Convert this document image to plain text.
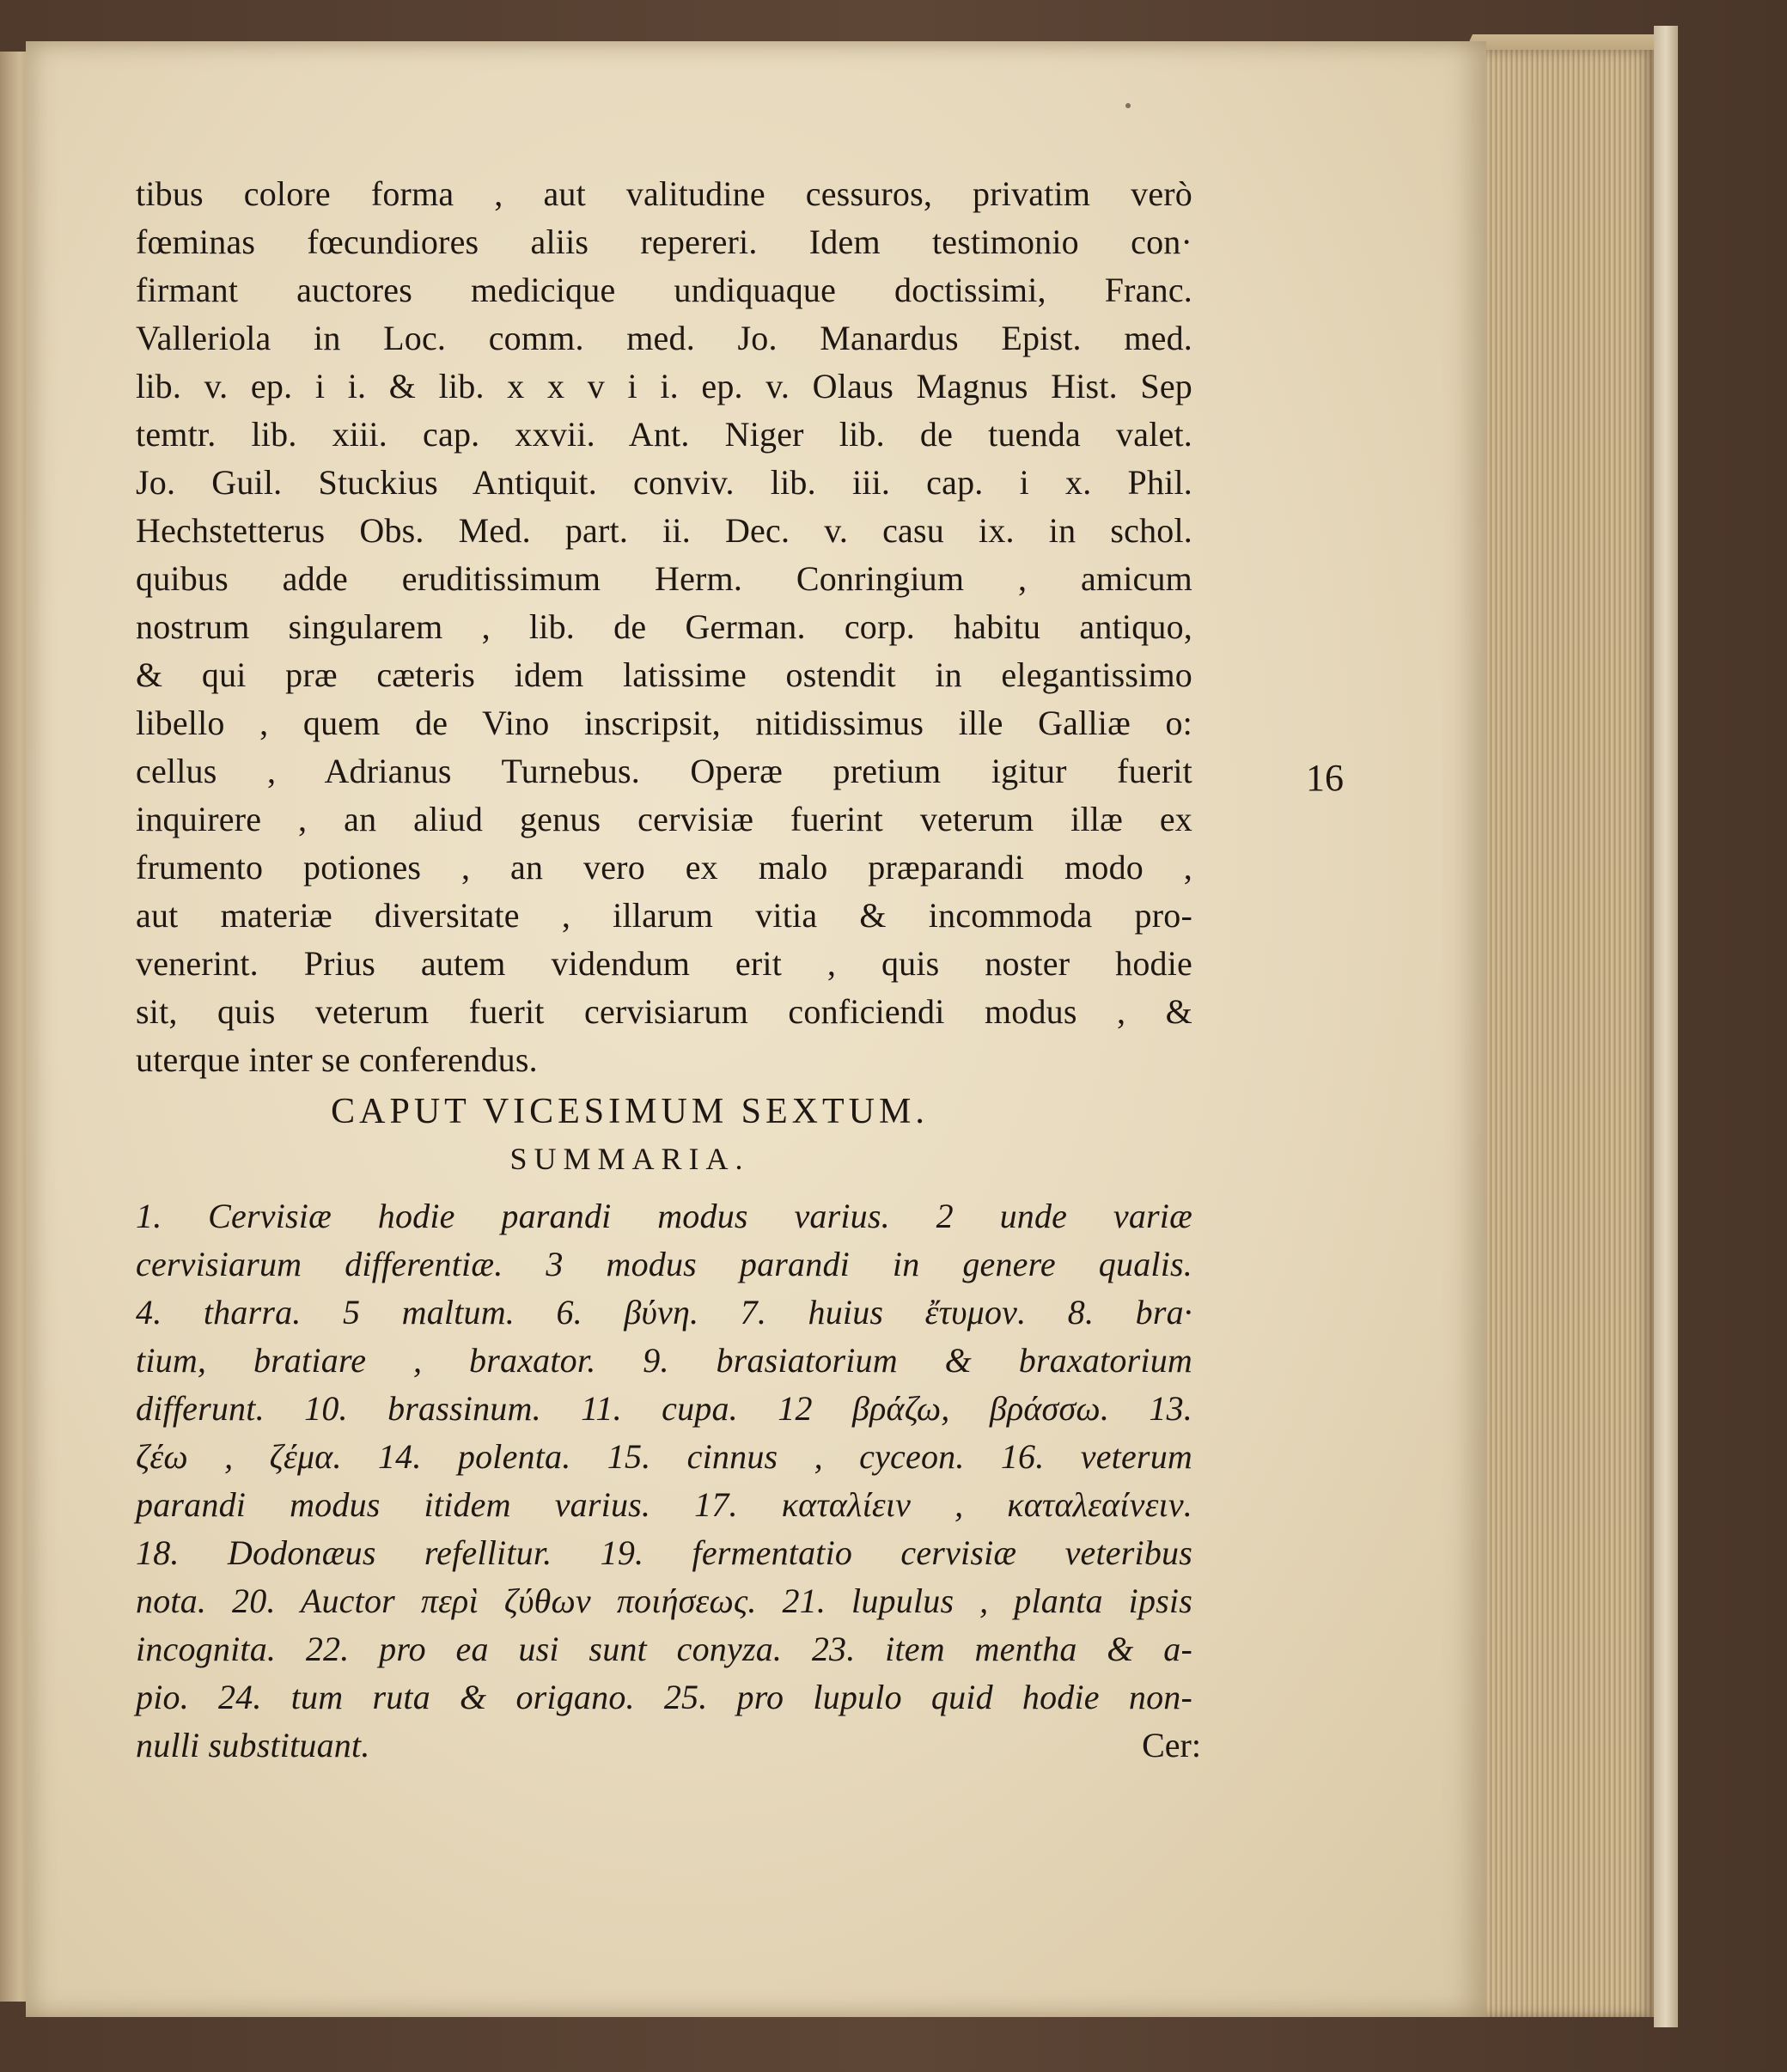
tibus colore forma , aut valitudine cessuros, privatim verò
fœminas fœcundiores aliis repereri. Idem testimonio con·
firmant auctores medicique undiquaque doctissimi, Franc.
Valleriola in Loc. comm. med. Jo. Manardus Epist. med.
lib. v. ep. i i. & lib. x x v i i. ep. v. Olaus Magnus Hist. Sep
temtr. lib. xiii. cap. xxvii. Ant. Niger lib. de tuenda valet.
Jo. Guil. Stuckius Antiquit. conviv. lib. iii. cap. i x. Phil.
Hechstetterus Obs. Med. part. ii. Dec. v. casu ix. in schol.
quibus adde eruditissimum Herm. Conringium , amicum
nostrum singularem , lib. de German. corp. habitu antiquo,
& qui præ cæteris idem latissime ostendit in elegantissimo
libello , quem de Vino inscripsit, nitidissimus ille Galliæ o:
cellus , Adrianus Turnebus. Operæ pretium igitur fuerit
inquirere , an aliud genus cervisiæ fuerint veterum illæ ex
frumento potiones , an vero ex malo præparandi modo ,
aut materiæ diversitate , illarum vitia & incommoda pro-
venerint. Prius autem videndum erit , quis noster hodie
sit, quis veterum fuerit cervisiarum conficiendi modus , &
uterque inter se conferendus.
16
CAPUT VICESIMUM SEXTUM.
SUMMARIA.
1. Cervisiæ hodie parandi modus varius. 2 unde variæ
cervisiarum differentiæ. 3 modus parandi in genere qualis.
4. tharra. 5 maltum. 6. βύνη. 7. huius ἔτυμον. 8. bra·
tium, bratiare , braxator. 9. brasiatorium & braxatorium
differunt. 10. brassinum. 11. cupa. 12 βράζω, βράσσω. 13.
ζέω , ζέμα. 14. polenta. 15. cinnus , cyceon. 16. veterum
parandi modus itidem varius. 17. καταλίειν , καταλεαίνειν.
18. Dodonæus refellitur. 19. fermentatio cervisiæ veteribus
nota. 20. Auctor περὶ ζύθων ποιήσεως. 21. lupulus , planta ipsis
incognita. 22. pro ea usi sunt conyza. 23. item mentha & a-
pio. 24. tum ruta & origano. 25. pro lupulo quid hodie non-
nulli substituant.	Cer:
